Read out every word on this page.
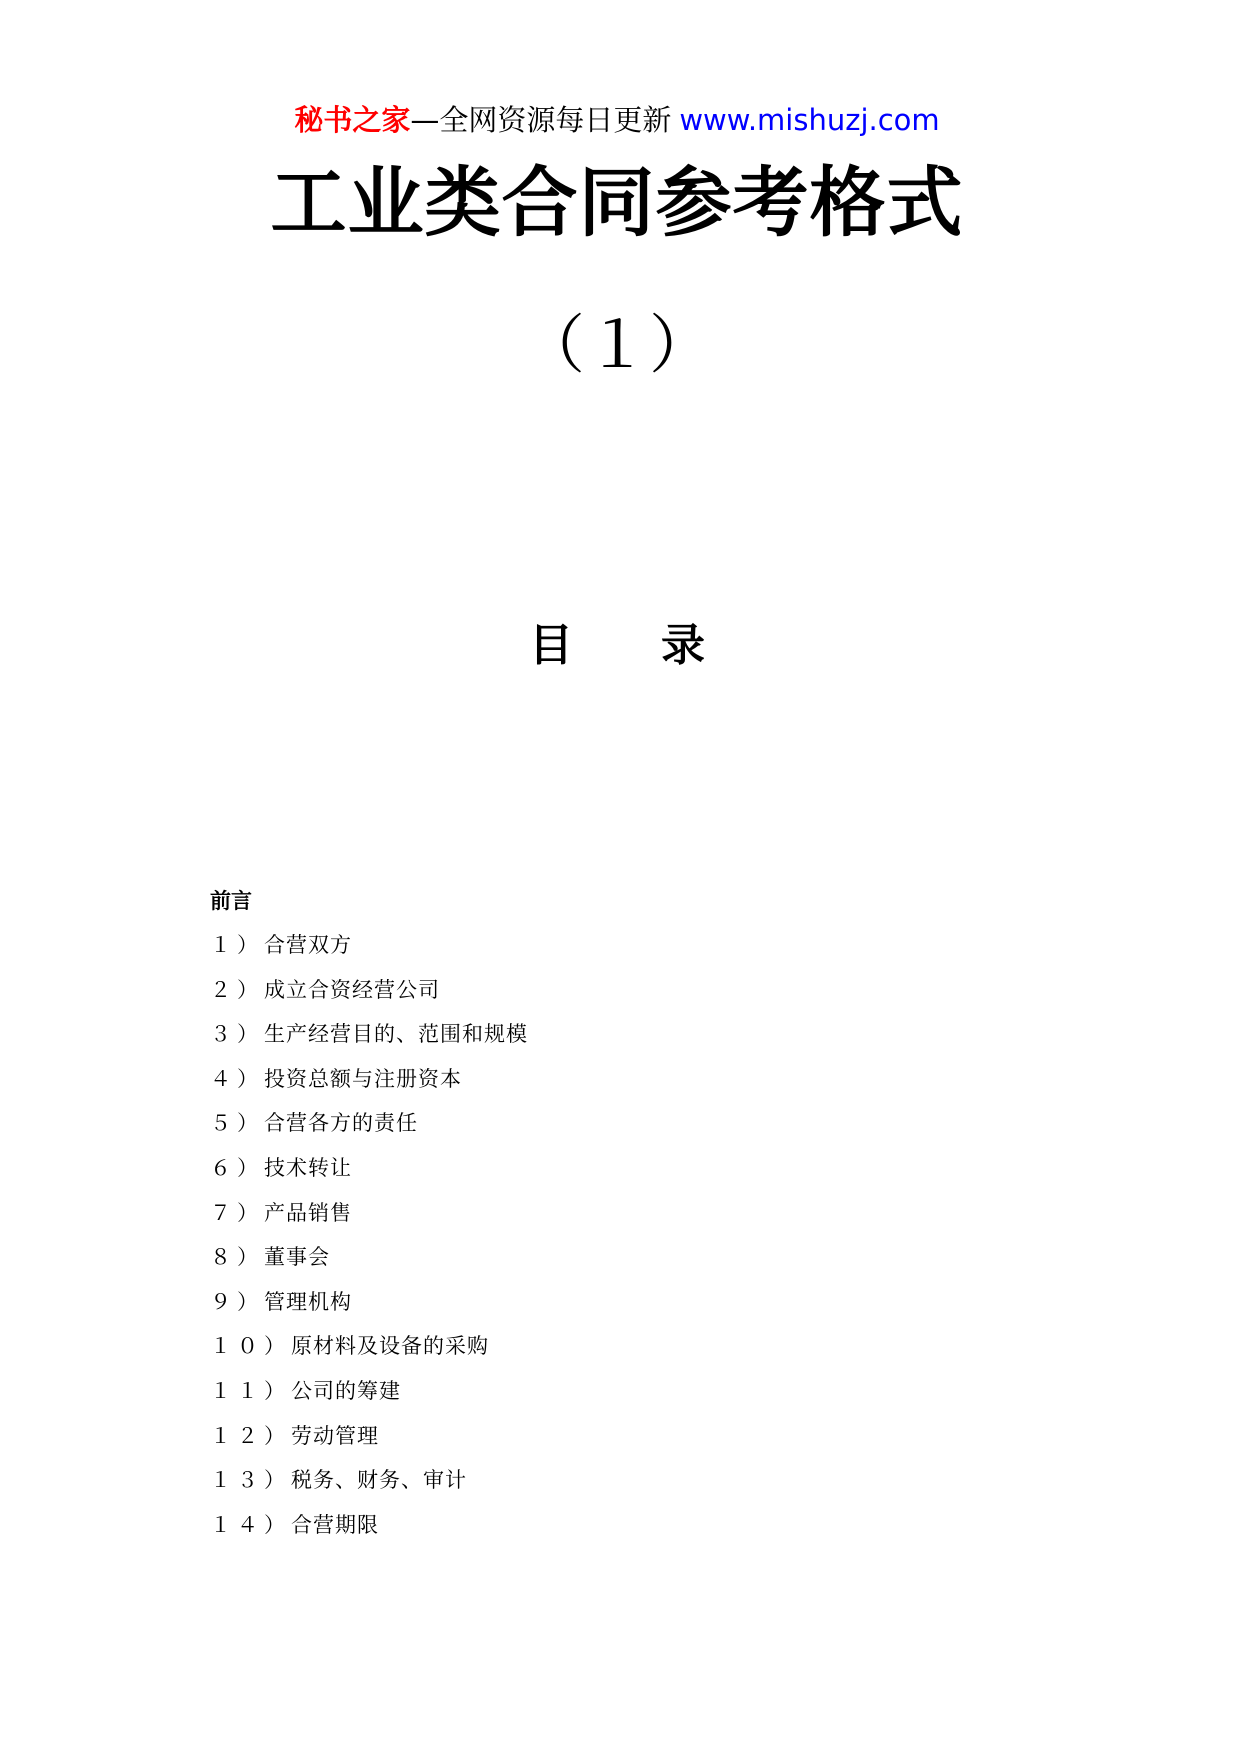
秘书之家—全网资源每日更新 www.mishuzj.com
工业类合同参考格式
（１）
目录
前言
１）合营双方
２）成立合资经营公司
３）生产经营目的、范围和规模
４）投资总额与注册资本
５）合营各方的责任
６）技术转让
７）产品销售
８）董事会
９）管理机构
１０）原材料及设备的采购
１１）公司的筹建
１２）劳动管理
１３）税务、财务、审计
１４）合营期限
